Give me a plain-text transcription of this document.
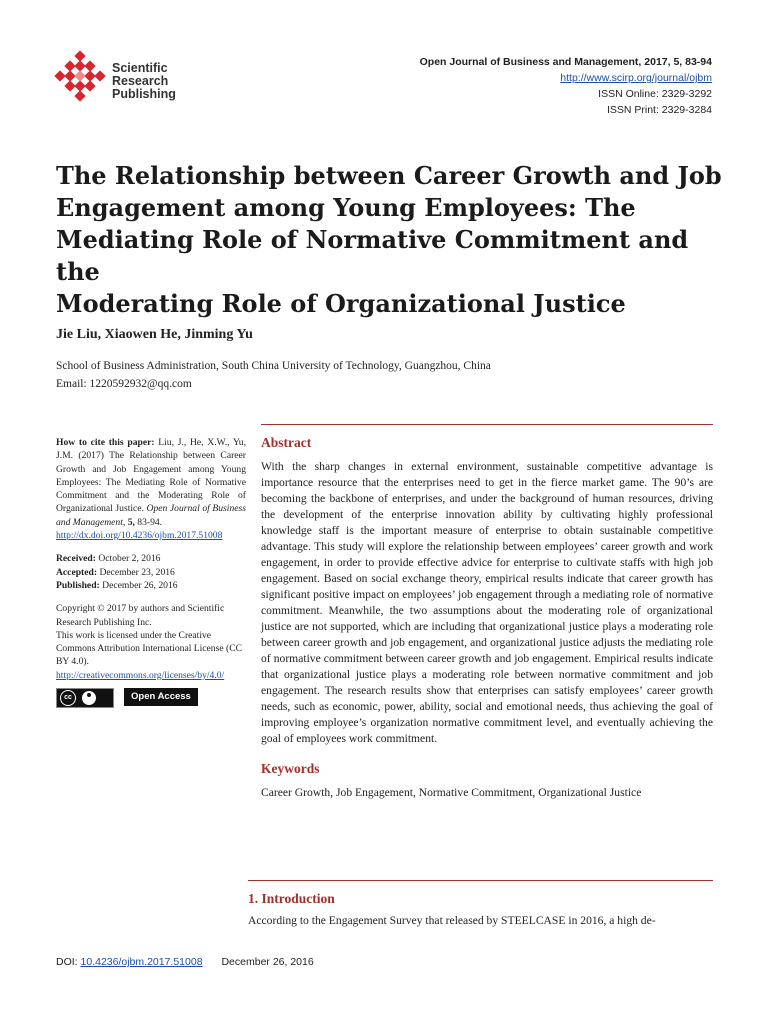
Scientific
Research
Publishing
Open Journal of Business and Management, 2017, 5, 83-94
http://www.scirp.org/journal/ojbm
ISSN Online: 2329-3292
ISSN Print: 2329-3284
The Relationship between Career Growth and Job
Engagement among Young Employees: The
Mediating Role of Normative Commitment and the
Moderating Role of Organizational Justice
Jie Liu, Xiaowen He, Jinming Yu
School of Business Administration, South China University of Technology, Guangzhou, China
Email: 1220592932@qq.com

How to cite this paper: Liu, J., He, X.W., Yu, J.M. (2017) The Relationship between Career Growth and Job Engagement among Young Employees: The Mediating Role of Normative Commitment and the Moderating Role of Organizational Justice. Open Journal of Business and Management, 5, 83-94.

http://dx.doi.org/10.4236/ojbm.2017.51008

Received: October 2, 2016

Accepted: December 23, 2016

Published: December 26, 2016

Copyright © 2017 by authors and Scientific Research Publishing Inc.

This work is licensed under the Creative Commons Attribution International License (CC BY 4.0).

http://creativecommons.org/licenses/by/4.0/

cc	Open Access
Abstract

With the sharp changes in external environment, sustainable competitive advantage is importance resource that the enterprises need to get in the fierce market game. The 90’s are becoming the backbone of enterprises, and under the background of human resources, driving the development of the enterprise innovation ability by cultivating highly professional knowledge staff is the important measure of enterprise to obtain sustainable competitive advantage. This study will explore the relationship between employees’ career growth and work engagement, in order to provide effective advice for enterprise to cultivate staffs with high job engagement. Based on social exchange theory, empirical results indicate that career growth has significant positive impact on employees’ job engagement through a mediating role of normative commitment. Meanwhile, the two assumptions about the moderating role of organizational justice are not supported, which are including that organizational justice plays a moderating role between career growth and job engagement, and organizational justice adjusts the mediating role of normative commitment between career growth and job engagement. Empirical results indicate that organizational justice plays a moderating role between normative commitment and job engagement. The research results show that enterprises can satisfy employees’ career growth needs, such as economic, power, ability, social and emotional needs, thus achieving the goal of improving employee’s organization normative commitment level, and eventually achieving the goal of employees work commitment.

Keywords

Career Growth, Job Engagement, Normative Commitment, Organizational Justice

1. Introduction

According to the Engagement Survey that released by STEELCASE in 2016, a high de-

DOI: 10.4236/ojbm.2017.51008 December 26, 2016
